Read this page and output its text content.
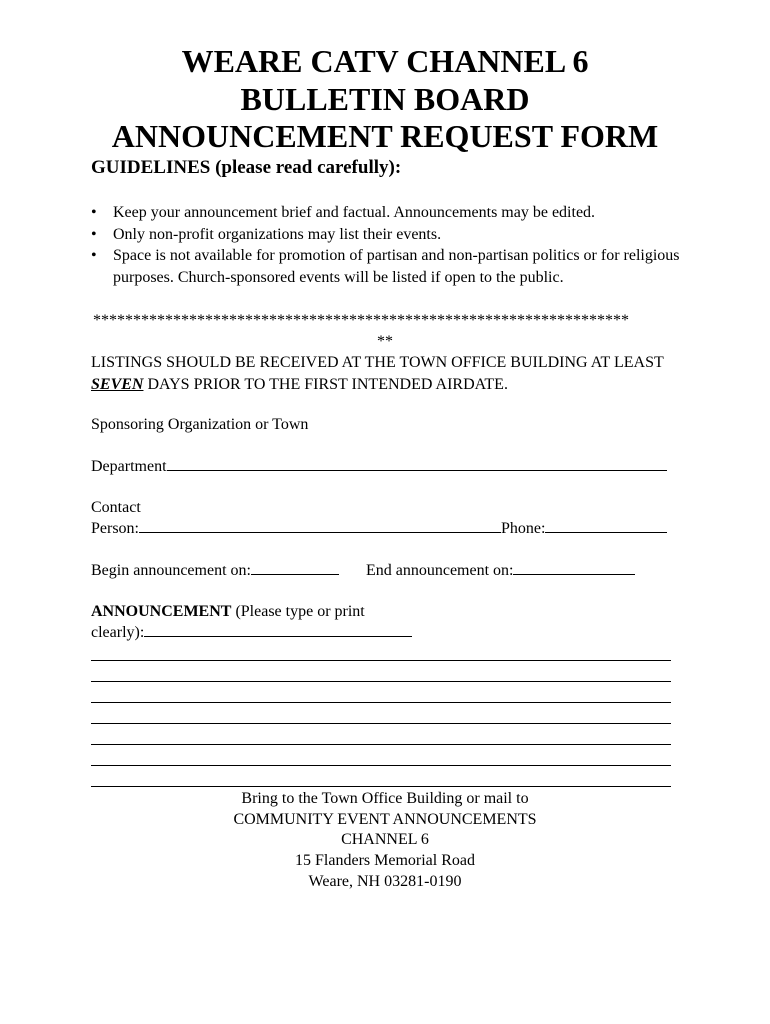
WEARE CATV CHANNEL 6
BULLETIN BOARD
ANNOUNCEMENT REQUEST FORM

GUIDELINES (please read carefully):

• Keep your announcement brief and factual. Announcements may be edited.
• Only non-profit organizations may list their events.
• Space is not available for promotion of partisan and non-partisan politics or for religious purposes. Church-sponsored events will be listed if open to the public.
*******************************************************************
**

LISTINGS SHOULD BE RECEIVED AT THE TOWN OFFICE BUILDING AT LEAST SEVEN DAYS PRIOR TO THE FIRST INTENDED AIRDATE.

Sponsoring Organization or Town

Department

Contact

Person:	Phone:

Begin announcement on:	End announcement on:

ANNOUNCEMENT (Please type or print

clearly):

Bring to the Town Office Building or mail to
COMMUNITY EVENT ANNOUNCEMENTS
CHANNEL 6
15 Flanders Memorial Road
Weare, NH 03281-0190
